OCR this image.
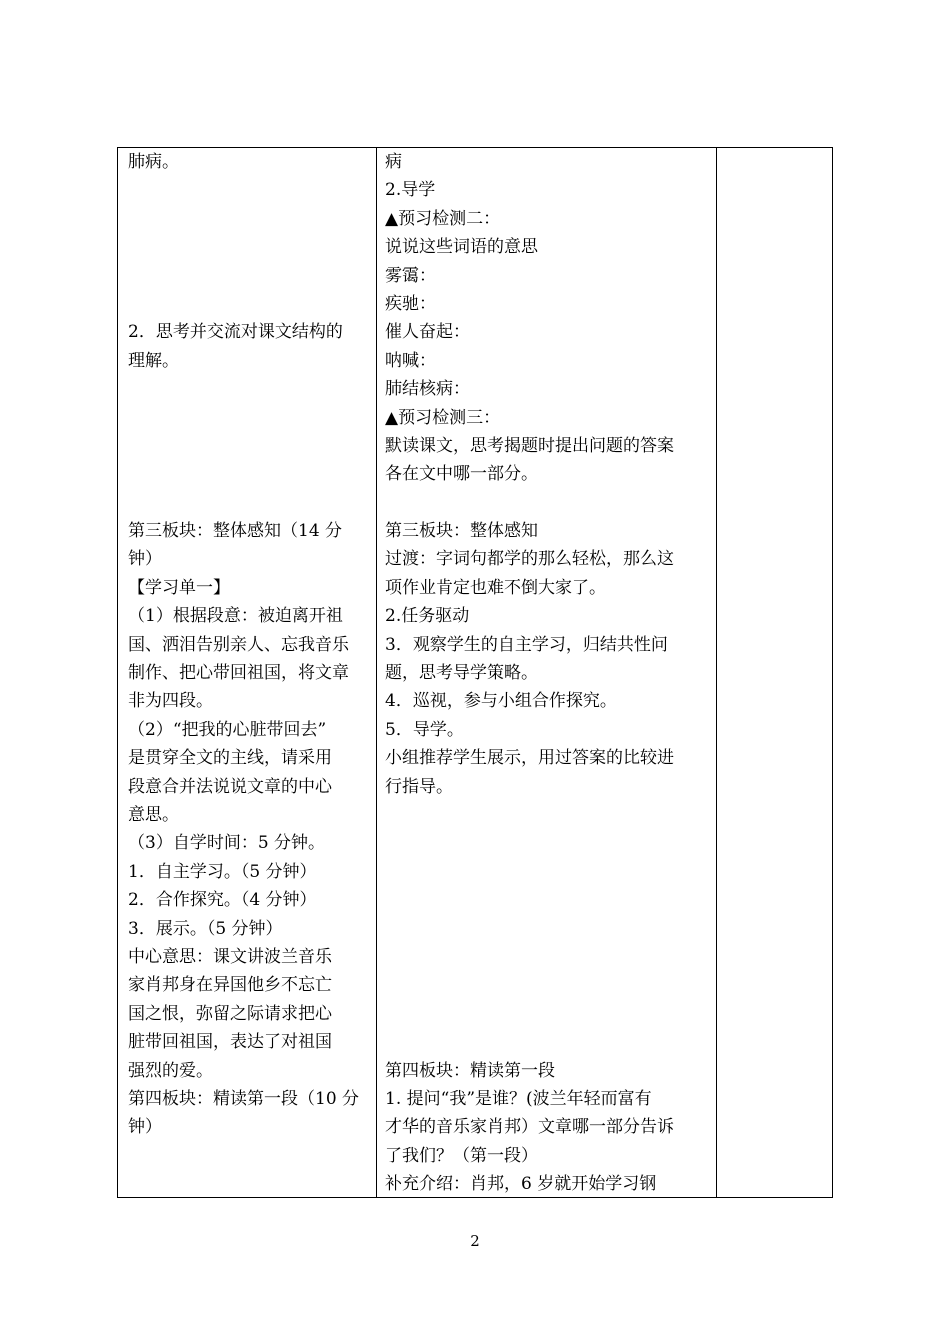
肺病。
2．思考并交流对课文结构的
理解。
第三板块：整体感知（14 分
钟）
【学习单一】
（1）根据段意：被迫离开祖
国、洒泪告别亲人、忘我音乐
制作、把心带回祖国，将文章
非为四段。
（2）“把我的心脏带回去”
是贯穿全文的主线，请采用
段意合并法说说文章的中心
意思。
（3）自学时间：5 分钟。
1．自主学习。（5 分钟）
2．合作探究。（4 分钟）
3．展示。（5 分钟）
中心意思：课文讲波兰音乐
家肖邦身在异国他乡不忘亡
国之恨，弥留之际请求把心
脏带回祖国，表达了对祖国
强烈的爱。
第四板块：精读第一段（10 分
钟）
病
2.导学
▲预习检测二：
说说这些词语的意思
雾霭：
疾驰：
催人奋起：
呐喊：
肺结核病：
▲预习检测三：
默读课文，思考揭题时提出问题的答案
各在文中哪一部分。
第三板块：整体感知
过渡：字词句都学的那么轻松，那么这
项作业肯定也难不倒大家了。
2.任务驱动
3．观察学生的自主学习，归结共性问
题，思考导学策略。
4．巡视，参与小组合作探究。
5．导学。
小组推荐学生展示，用过答案的比较进
行指导。
第四板块：精读第一段
1. 提问“我”是谁？(波兰年轻而富有
才华的音乐家肖邦）文章哪一部分告诉
了我们？（第一段）
补充介绍：肖邦，6 岁就开始学习钢
2
